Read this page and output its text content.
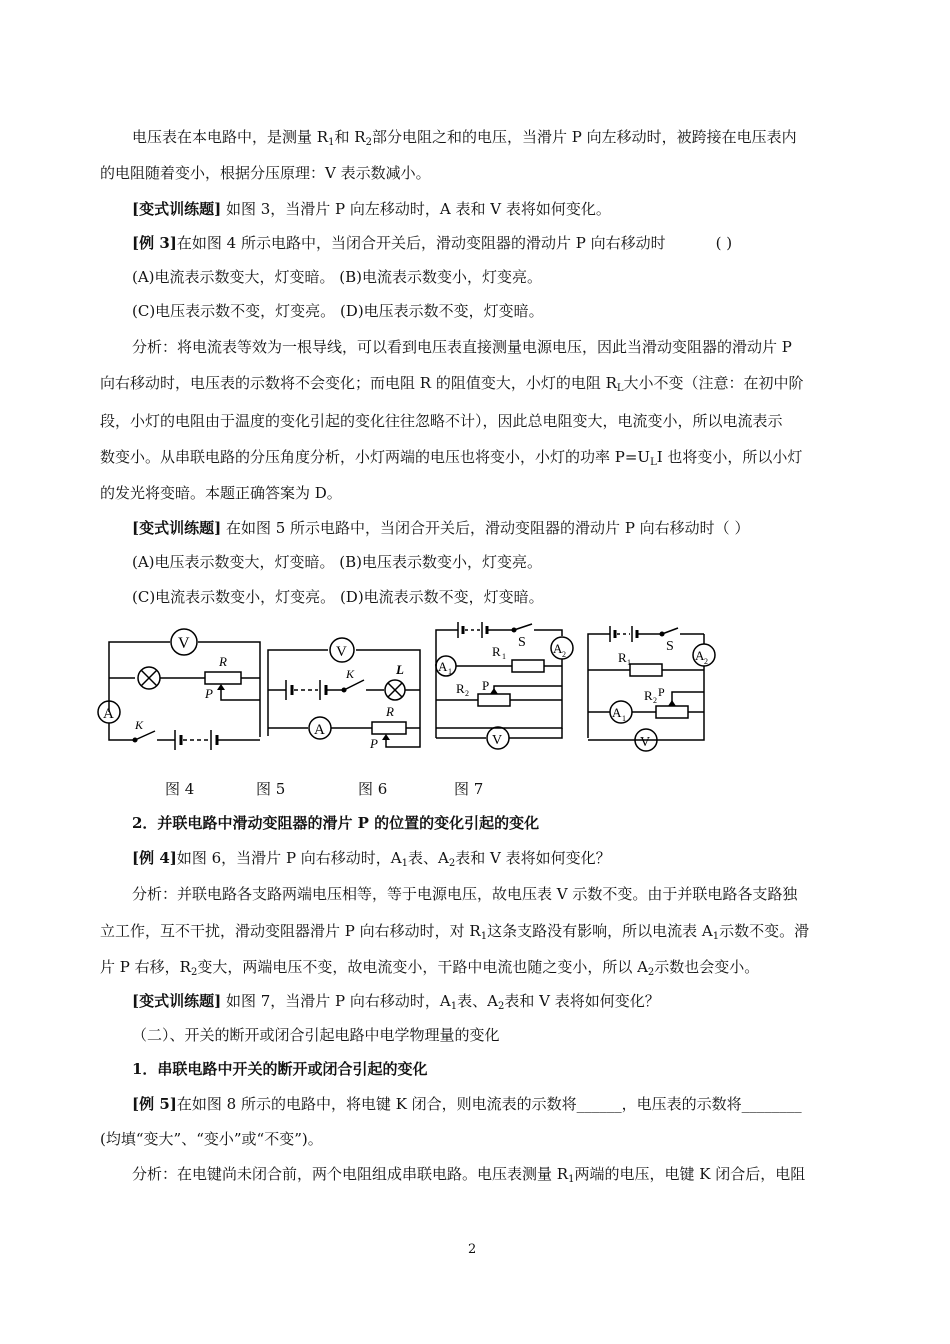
电压表在本电路中，是测量 $R_1$和 $R_2$部分电阻之和的电压，当滑片 P 向左移动时，被跨接在电压表内
的电阻随着变小，根据分压原理：V 表示数减小。
[变式训练题] 如图 3，当滑片 P 向左移动时，A 表和 V 表将如何变化。
[例 3]在如图 4 所示电路中，当闭合开关后，滑动变阻器的滑动片 P 向右移动时	( )
(A)电流表示数变大，灯变暗。 (B)电流表示数变小，灯变亮。
(C)电压表示数不变，灯变亮。 (D)电压表示数不变，灯变暗。
分析：将电流表等效为一根导线，可以看到电压表直接测量电源电压，因此当滑动变阻器的滑动片 P
向右移动时，电压表的示数将不会变化；而电阻 R 的阻值变大，小灯的电阻 $R_L$大小不变（注意：在初中阶
段，小灯的电阻由于温度的变化引起的变化往往忽略不计），因此总电阻变大，电流变小，所以电流表示
数变小。从串联电路的分压角度分析，小灯两端的电压也将变小，小灯的功率 $P=U_LI$ 也将变小，所以小灯
的发光将变暗。本题正确答案为 D。
[变式训练题] 在如图 5 所示电路中，当闭合开关后，滑动变阻器的滑动片 P 向右移动时（ ）
(A)电压表示数变大，灯变暗。 (B)电压表示数变小，灯变亮。
(C)电流表示数变小，灯变亮。 (D)电流表示数不变，灯变暗。
V
R
P
A
K
V
K	L
A
R
P
S A 2
A 1
R 1
R 2
P
V
S
A 2
R 1
A 1
R 2
P
V
图 4	图 5	图 6	图 7
2．并联电路中滑动变阻器的滑片 P 的位置的变化引起的变化
[例 4]如图 6，当滑片 P 向右移动时，$A_1$表、$A_2$表和 V 表将如何变化？
分析：并联电路各支路两端电压相等，等于电源电压，故电压表 V 示数不变。由于并联电路各支路独
立工作，互不干扰，滑动变阻器滑片 P 向右移动时，对 $R_1$这条支路没有影响，所以电流表 $A_1$示数不变。滑
片 P 右移，$R_2$变大，两端电压不变，故电流变小，干路中电流也随之变小，所以 $A_2$示数也会变小。
[变式训练题] 如图 7，当滑片 P 向右移动时，$A_1$表、$A_2$表和 V 表将如何变化？
（二）、开关的断开或闭合引起电路中电学物理量的变化
1．串联电路中开关的断开或闭合引起的变化
[例 5]在如图 8 所示的电路中，将电键 K 闭合，则电流表的示数将______，电压表的示数将________
(均填“变大”、“变小”或“不变”)。
分析：在电键尚未闭合前，两个电阻组成串联电路。电压表测量 $R_1$两端的电压，电键 K 闭合后，电阻
2
